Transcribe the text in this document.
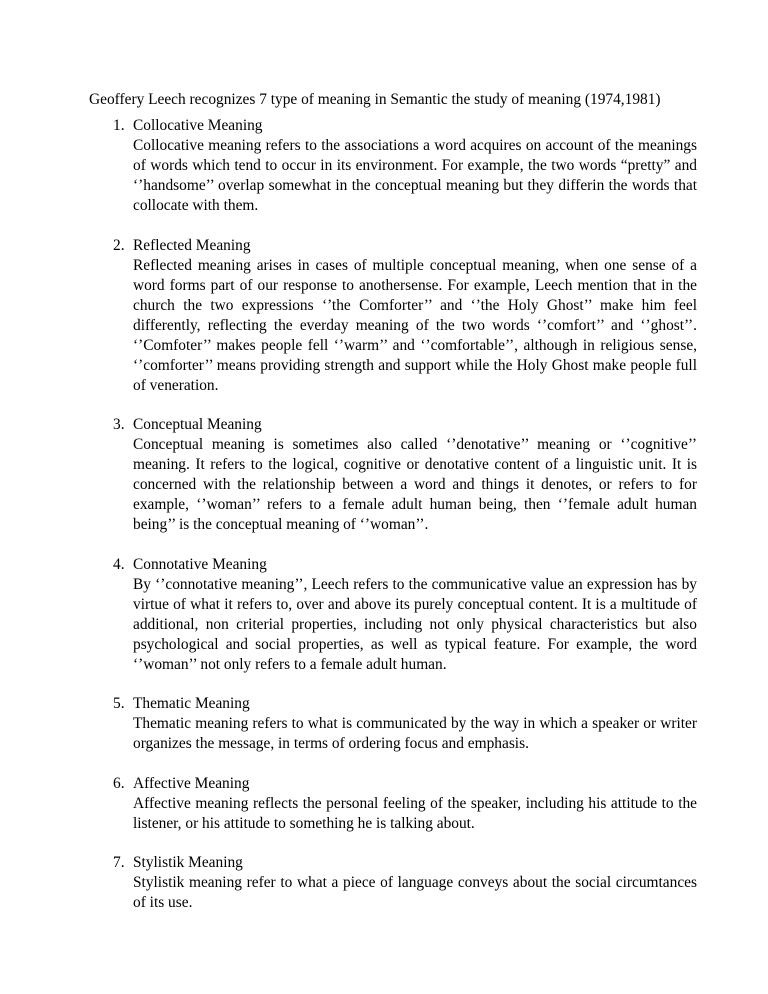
Geoffery Leech recognizes 7 type of meaning in Semantic the study of meaning (1974,1981)
1. Collocative Meaning
Collocative meaning refers to the associations a word acquires on account of the meanings of words which tend to occur in its environment. For example, the two words “pretty” and ‘’handsome’’ overlap somewhat in the conceptual meaning but they differin the words that collocate with them.
2. Reflected Meaning
Reflected meaning arises in cases of multiple conceptual meaning, when one sense of a word forms part of our response to anothersense. For example, Leech mention that in the church the two expressions ‘’the Comforter’’ and ‘’the Holy Ghost’’ make him feel differently, reflecting the everday meaning of the two words ‘’comfort’’ and ‘’ghost’’. ‘’Comfoter’’ makes people fell ‘’warm’’ and ‘’comfortable’’, although in religious sense, ‘’comforter’’ means providing strength and support while the Holy Ghost make people full of veneration.
3. Conceptual Meaning
Conceptual meaning is sometimes also called ‘’denotative’’ meaning or ‘’cognitive’’ meaning. It refers to the logical, cognitive or denotative content of a linguistic unit. It is concerned with the relationship between a word and things it denotes, or refers to for example, ‘’woman’’ refers to a female adult human being, then ‘’female adult human being’’ is the conceptual meaning of ‘’woman’’.
4. Connotative Meaning
By ‘’connotative meaning’’, Leech refers to the communicative value an expression has by virtue of what it refers to, over and above its purely conceptual content. It is a multitude of additional, non criterial properties, including not only physical characteristics but also psychological and social properties, as well as typical feature. For example, the word ‘’woman’’ not only refers to a female adult human.
5. Thematic Meaning
Thematic meaning refers to what is communicated by the way in which a speaker or writer organizes the message, in terms of ordering focus and emphasis.
6. Affective Meaning
Affective meaning reflects the personal feeling of the speaker, including his attitude to the listener, or his attitude to something he is talking about.
7. Stylistik Meaning
Stylistik meaning refer to what a piece of language conveys about the social circumtances of its use.
